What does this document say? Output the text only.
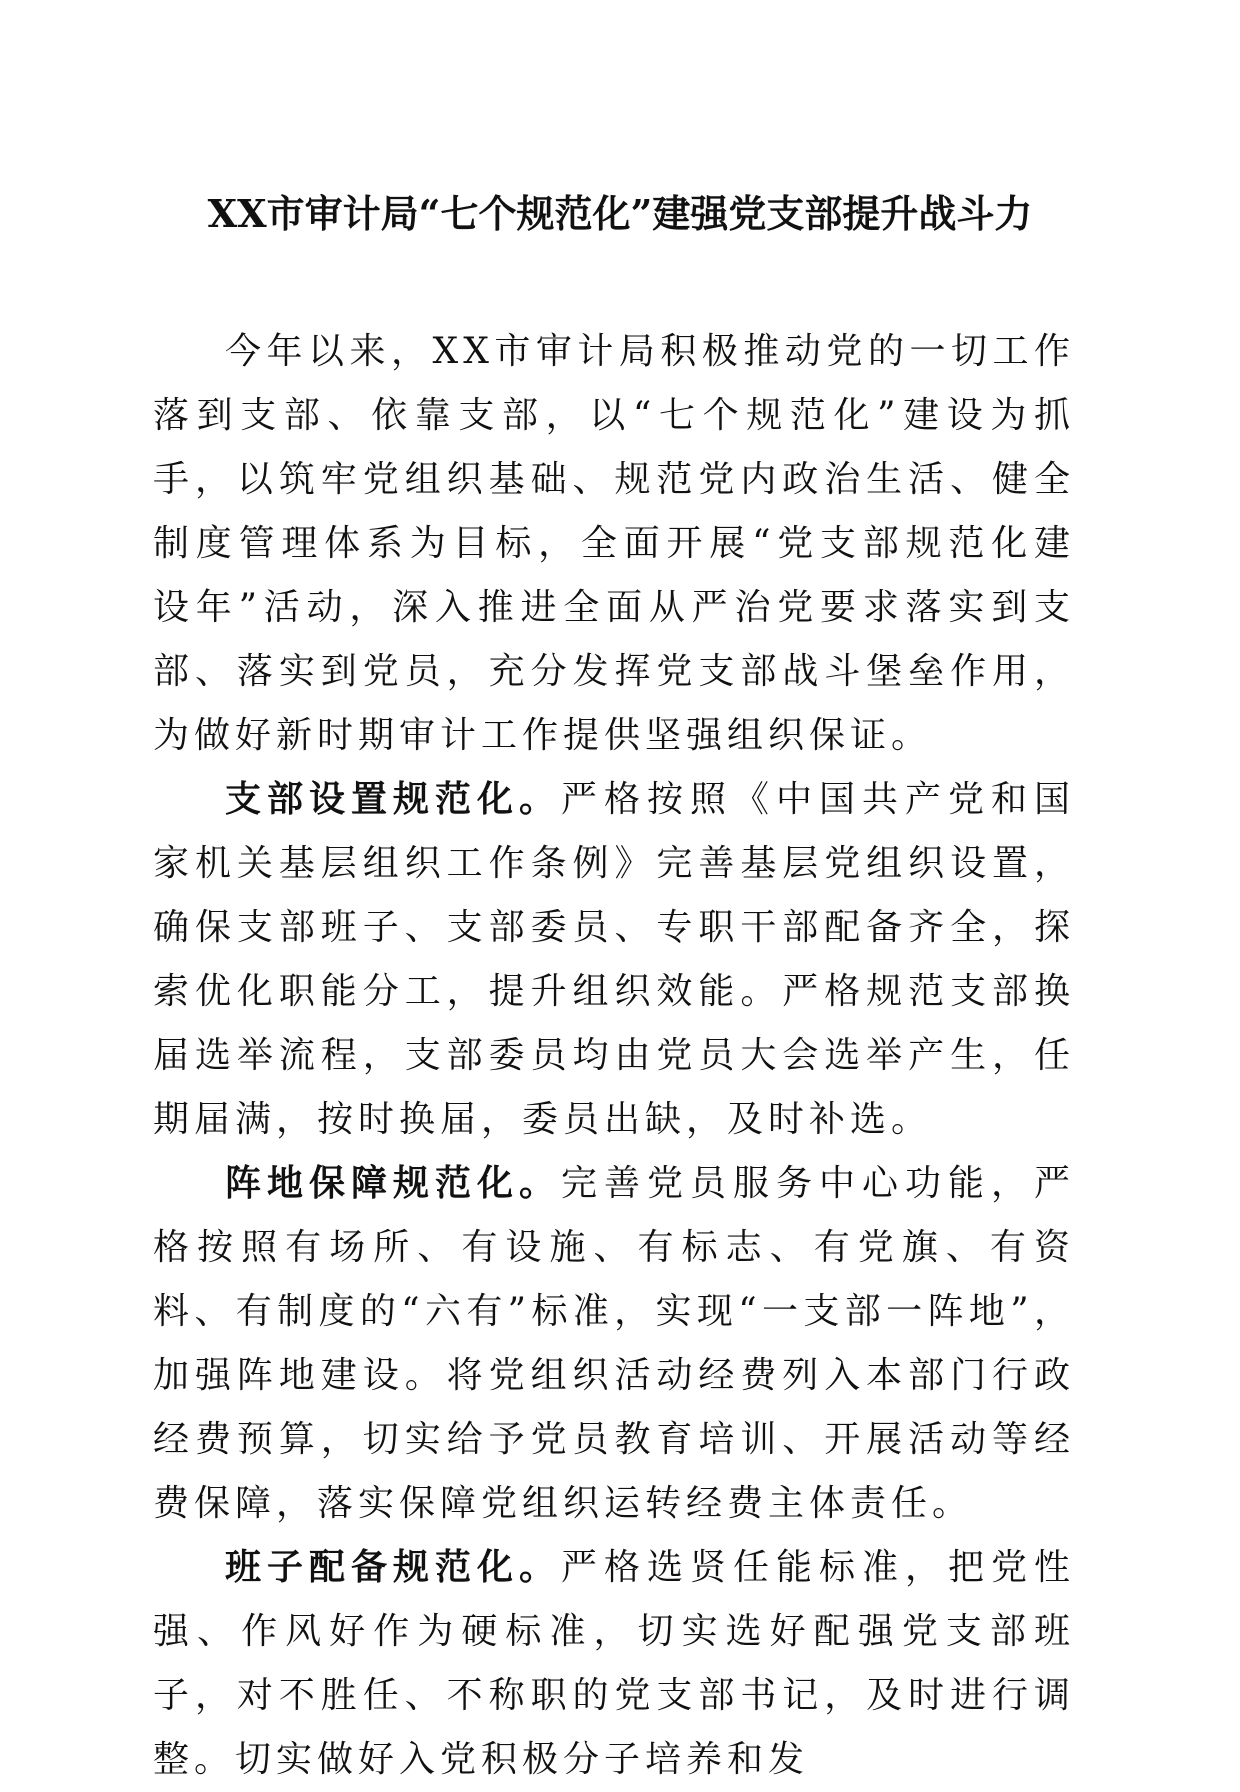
XX市审计局“七个规范化”建强党支部提升战斗力

今年以来，XX市审计局积极推动党的一切工作落到支部、依靠支部，以“七个规范化”建设为抓手，以筑牢党组织基础、规范党内政治生活、健全制度管理体系为目标，全面开展“党支部规范化建设年”活动，深入推进全面从严治党要求落实到支部、落实到党员，充分发挥党支部战斗堡垒作用，为做好新时期审计工作提供坚强组织保证。

支部设置规范化。严格按照《中国共产党和国家机关基层组织工作条例》完善基层党组织设置，确保支部班子、支部委员、专职干部配备齐全，探索优化职能分工，提升组织效能。严格规范支部换届选举流程，支部委员均由党员大会选举产生，任期届满，按时换届，委员出缺，及时补选。

阵地保障规范化。完善党员服务中心功能，严格按照有场所、有设施、有标志、有党旗、有资料、有制度的“六有”标准，实现“一支部一阵地”，加强阵地建设。将党组织活动经费列入本部门行政经费预算，切实给予党员教育培训、开展活动等经费保障，落实保障党组织运转经费主体责任。

班子配备规范化。严格选贤任能标准，把党性强、作风好作为硬标准，切实选好配强党支部班子，对不胜任、不称职的党支部书记，及时进行调整。切实做好入党积极分子培养和发
